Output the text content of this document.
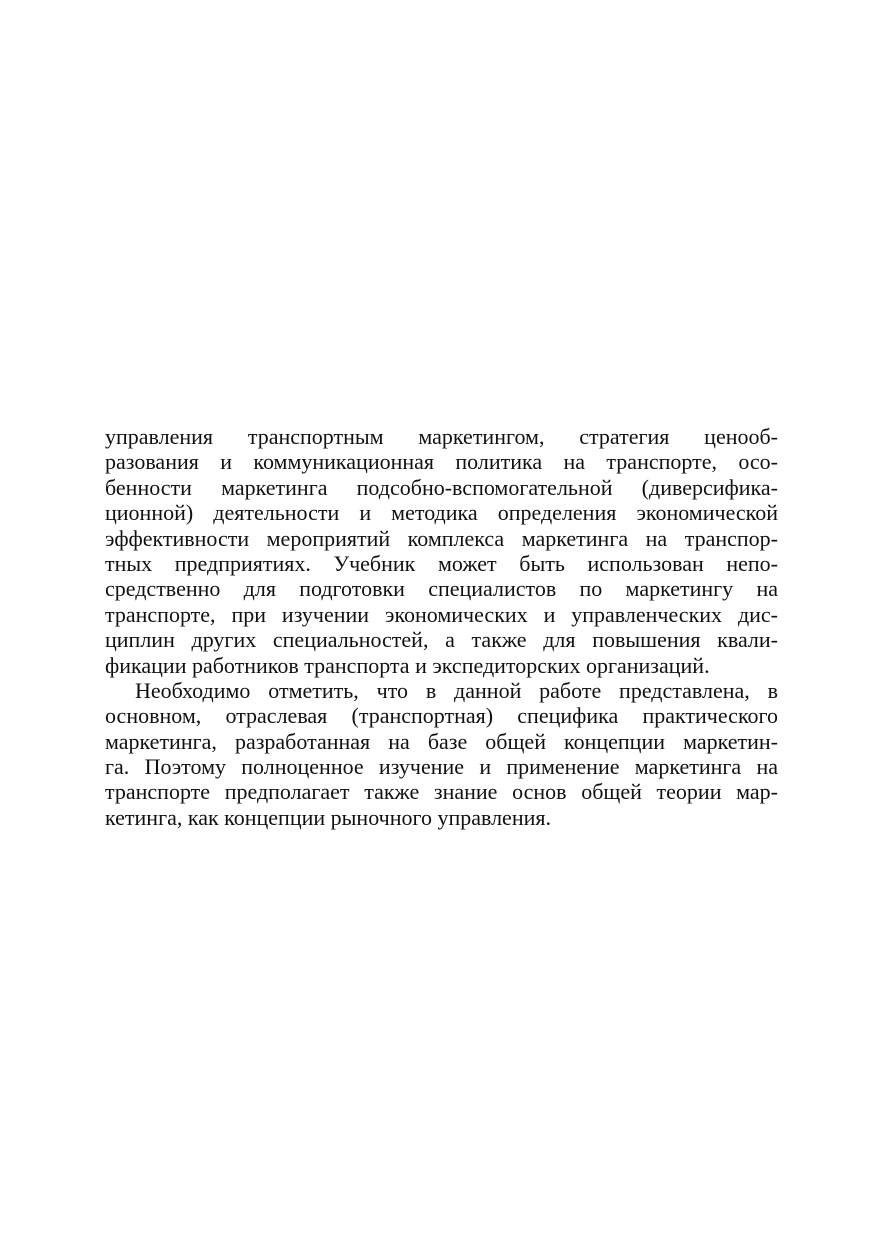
управления транспортным маркетингом, стратегия ценооб-
разования и коммуникационная политика на транспорте, осо-
бенности маркетинга подсобно-вспомогательной (диверсифика-
ционной) деятельности и методика определения экономической
эффективности мероприятий комплекса маркетинга на транспор-
тных предприятиях. Учебник может быть использован непо-
средственно для подготовки специалистов по маркетингу на
транспорте, при изучении экономических и управленческих дис-
циплин других специальностей, а также для повышения квали-
фикации работников транспорта и экспедиторских организаций.
Необходимо отметить, что в данной работе представлена, в
основном, отраслевая (транспортная) специфика практического
маркетинга, разработанная на базе общей концепции маркетин-
га. Поэтому полноценное изучение и применение маркетинга на
транспорте предполагает также знание основ общей теории мар-
кетинга, как концепции рыночного управления.
